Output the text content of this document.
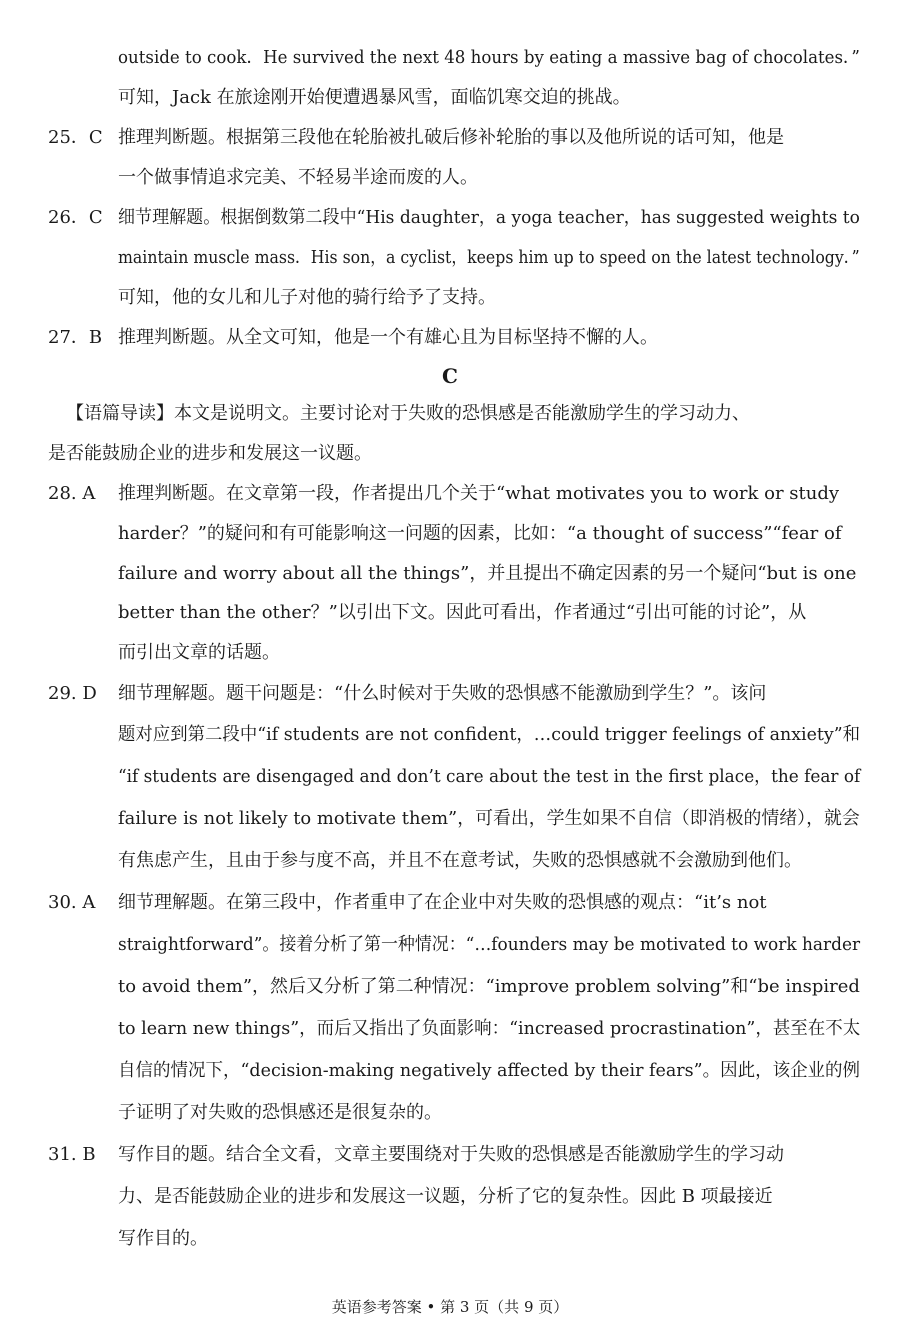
outside to cook．He survived the next 48 hours by eating a massive bag of chocolates．”
可知，Jack 在旅途刚开始便遭遇暴风雪，面临饥寒交迫的挑战。
25．C 推理判断题。根据第三段他在轮胎被扎破后修补轮胎的事以及他所说的话可知，他是
一个做事情追求完美、不轻易半途而废的人。
26．C 细节理解题。根据倒数第二段中“His daughter，a yoga teacher，has suggested weights to
maintain muscle mass．His son，a cyclist，keeps him up to speed on the latest technology．”
可知，他的女儿和儿子对他的骑行给予了支持。
27．B 推理判断题。从全文可知，他是一个有雄心且为目标坚持不懈的人。
C
【语篇导读】本文是说明文。主要讨论对于失败的恐惧感是否能激励学生的学习动力、
是否能鼓励企业的进步和发展这一议题。
28. A 推理判断题。在文章第一段，作者提出几个关于“what motivates you to work or study
harder？”的疑问和有可能影响这一问题的因素，比如：“a thought of success”“fear of
failure and worry about all the things”，并且提出不确定因素的另一个疑问“but is one
better than the other？”以引出下文。因此可看出，作者通过“引出可能的讨论”，从
而引出文章的话题。
29. D 细节理解题。题干问题是：“什么时候对于失败的恐惧感不能激励到学生？”。该问
题对应到第二段中“if students are not confident，…could trigger feelings of anxiety”和
“if students are disengaged and don’t care about the test in the first place，the fear of
failure is not likely to motivate them”，可看出，学生如果不自信（即消极的情绪），就会
有焦虑产生，且由于参与度不高，并且不在意考试，失败的恐惧感就不会激励到他们。
30. A 细节理解题。在第三段中，作者重申了在企业中对失败的恐惧感的观点：“it’s not
straightforward”。接着分析了第一种情况：“…founders may be motivated to work harder
to avoid them”，然后又分析了第二种情况：“improve problem solving”和“be inspired
to learn new things”，而后又指出了负面影响：“increased procrastination”，甚至在不太
自信的情况下，“decision-making negatively affected by their fears”。因此，该企业的例
子证明了对失败的恐惧感还是很复杂的。
31. B 写作目的题。结合全文看，文章主要围绕对于失败的恐惧感是否能激励学生的学习动
力、是否能鼓励企业的进步和发展这一议题，分析了它的复杂性。因此 B 项最接近
写作目的。
英语参考答案 • 第 3 页（共 9 页）
